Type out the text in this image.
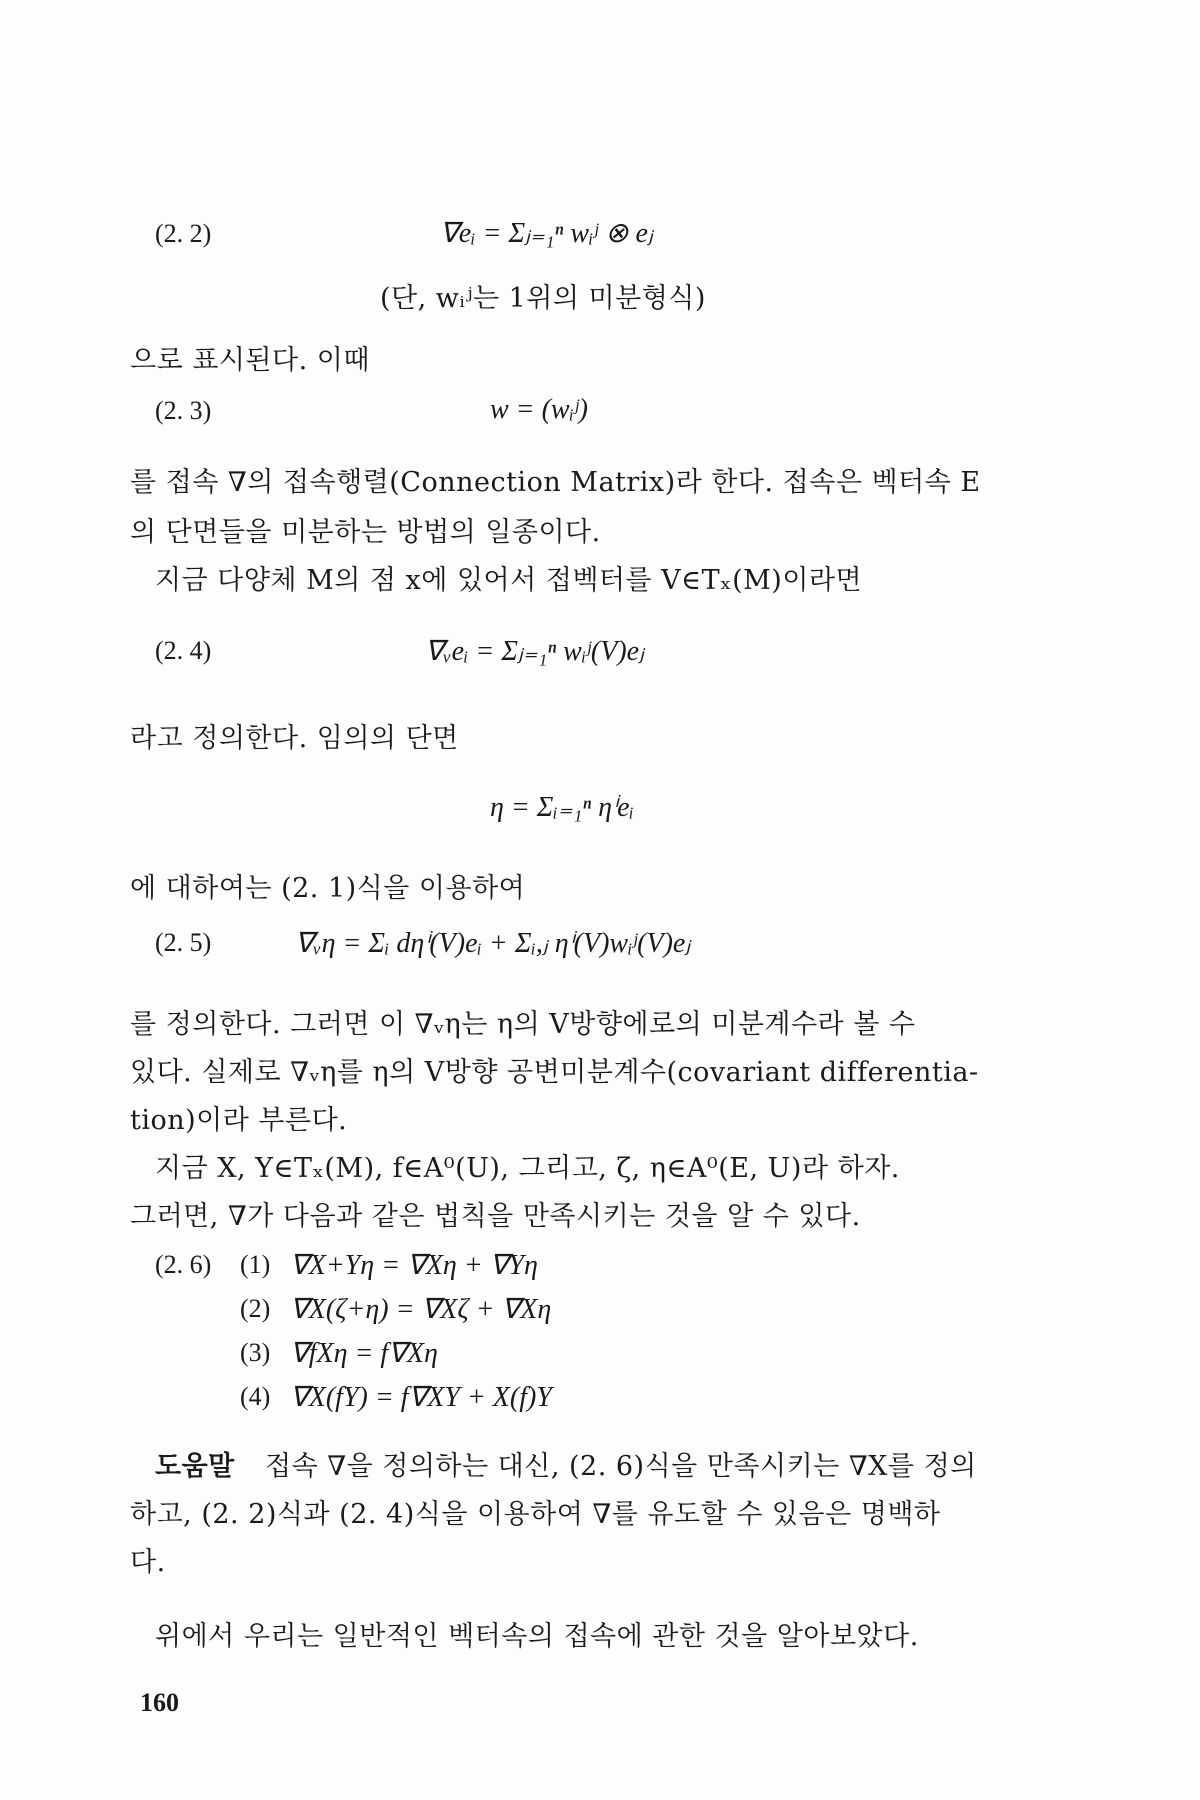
(2. 2)	∇eᵢ = Σⱼ₌₁ⁿ wᵢʲ ⊗ eⱼ
(단, wᵢʲ는 1위의 미분형식)
으로 표시된다. 이때
(2. 3)	w = (wᵢʲ)
를 접속 ∇의 접속행렬(Connection Matrix)라 한다. 접속은 벡터속 E
의 단면들을 미분하는 방법의 일종이다.
지금 다양체 M의 점 x에 있어서 접벡터를 V∈Tₓ(M)이라면
(2. 4)	∇ᵥeᵢ = Σⱼ₌₁ⁿ wᵢʲ(V)eⱼ
라고 정의한다. 임의의 단면
η = Σᵢ₌₁ⁿ ηⁱeᵢ
에 대하여는 (2. 1)식을 이용하여
(2. 5)	∇ᵥη = Σᵢ dηⁱ(V)eᵢ + Σᵢ,ⱼ ηⁱ(V)wᵢʲ(V)eⱼ
를 정의한다. 그러면 이 ∇ᵥη는 η의 V방향에로의 미분계수라 볼 수
있다. 실제로 ∇ᵥη를 η의 V방향 공변미분계수(covariant differentia-
tion)이라 부른다.
지금 X, Y∈Tₓ(M), f∈A⁰(U), 그리고, ζ, η∈A⁰(E, U)라 하자.
그러면, ∇가 다음과 같은 법칙을 만족시키는 것을 알 수 있다.
(2. 6) (1) ∇X+Yη = ∇Xη + ∇Yη
(2) ∇X(ζ+η) = ∇Xζ + ∇Xη
(3) ∇fXη = f∇Xη
(4) ∇X(fY) = f∇XY + X(f)Y
도움말 접속 ∇을 정의하는 대신, (2. 6)식을 만족시키는 ∇X를 정의
하고, (2. 2)식과 (2. 4)식을 이용하여 ∇를 유도할 수 있음은 명백하
다.
위에서 우리는 일반적인 벡터속의 접속에 관한 것을 알아보았다.
160
